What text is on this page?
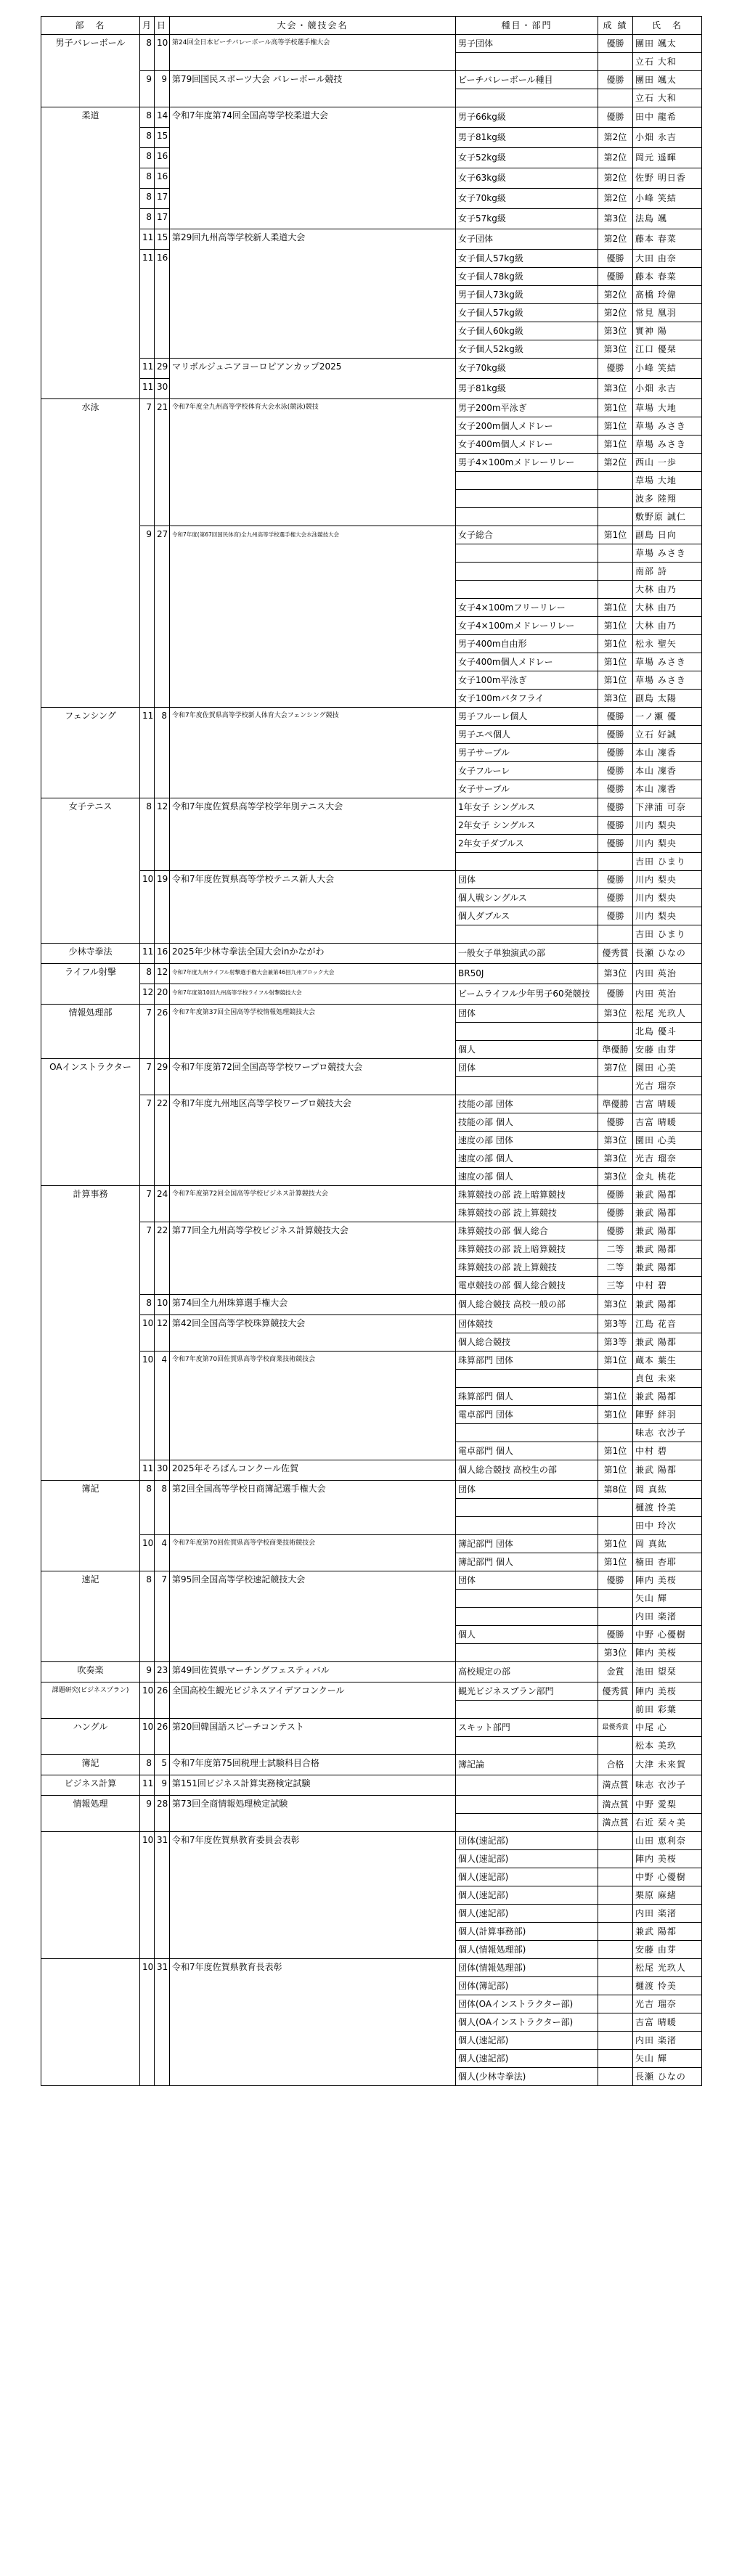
部　名	月	日	大会・競技会名	種目・部門	成 績	氏　名
男子バレーボール	8	10	第24回全日本ビーチバレーボール高等学校選手権大会	男子団体	優勝	團田 颯太
						立石 大和
	9	9	第79回国民スポーツ大会 バレーボール競技	ビーチバレーボール種目	優勝	團田 颯太
						立石 大和
柔道	8	14	令和7年度第74回全国高等学校柔道大会	男子66kg級	優勝	田中 龍希
	8	15		男子81kg級	第2位	小畑 永吉
	8	16		女子52kg級	第2位	岡元 遥暉
	8	16		女子63kg級	第2位	佐野 明日香
	8	17		女子70kg級	第2位	小峰 笑結
	8	17		女子57kg級	第3位	法島 颯
	11	15	第29回九州高等学校新人柔道大会	女子団体	第2位	藤本 春菜
	11	16		女子個人57kg級	優勝	大田 由奈
				女子個人78kg級	優勝	藤本 春菜
				男子個人73kg級	第2位	髙橋 玲偉
				女子個人57kg級	第2位	常見 凰羽
				女子個人60kg級	第3位	實神 陽
				女子個人52kg級	第3位	江口 優栞
	11	29	マリボルジュニアヨーロピアンカップ2025	女子70kg級	優勝	小峰 笑結
	11	30		男子81kg級	第3位	小畑 永吉
水泳	7	21	令和7年度全九州高等学校体育大会水泳(競泳)競技	男子200m平泳ぎ	第1位	草場 大地
				女子200m個人メドレー	第1位	草場 みさき
				女子400m個人メドレー	第1位	草場 みさき
				男子4×100mメドレーリレー	第2位	西山 一歩
						草場 大地
						波多 陸翔
						敷野原 誠仁
	9	27	令和7年度(第67回国民体育)全九州高等学校選手権大会水泳競技大会	女子総合	第1位	副島 日向
						草場 みさき
						南部 詩
						大林 由乃
				女子4×100mフリーリレー	第1位	大林 由乃
				女子4×100mメドレーリレー	第1位	大林 由乃
				男子400m自由形	第1位	松永 聖矢
				女子400m個人メドレー	第1位	草場 みさき
				女子100m平泳ぎ	第1位	草場 みさき
				女子100mバタフライ	第3位	副島 太陽
フェンシング	11	8	令和7年度佐賀県高等学校新人体育大会フェンシング競技	男子フルーレ個人	優勝	一ノ瀬 優
				男子エペ個人	優勝	立石 好誠
				男子サーブル	優勝	本山 凜香
				女子フルーレ	優勝	本山 凜香
				女子サーブル	優勝	本山 凜香
女子テニス	8	12	令和7年度佐賀県高等学校学年別テニス大会	1年女子 シングルス	優勝	下津浦 可奈
				2年女子 シングルス	優勝	川内 梨央
				2年女子ダブルス	優勝	川内 梨央
						吉田 ひまり
	10	19	令和7年度佐賀県高等学校テニス新人大会	団体	優勝	川内 梨央
				個人戦シングルス	優勝	川内 梨央
				個人ダブルス	優勝	川内 梨央
						吉田 ひまり
少林寺拳法	11	16	2025年少林寺拳法全国大会inかながわ	一般女子単独演武の部	優秀賞	長瀬 ひなの
ライフル射撃	8	12	令和7年度九州ライフル射撃選手権大会兼第46回九州ブロック大会	BR50J	第3位	内田 英治
	12	20	令和7年度第10回九州高等学校ライフル射撃競技大会	ビームライフル少年男子60発競技	優勝	内田 英治
情報処理部	7	26	令和7年度第37回全国高等学校情報処理競技大会	団体	第3位	松尾 光玖人
						北島 優斗
				個人	準優勝	安藤 由芽
OAインストラクター	7	29	令和7年度第72回全国高等学校ワープロ競技大会	団体	第7位	園田 心美
						光吉 瑠奈
	7	22	令和7年度九州地区高等学校ワープロ競技大会	技能の部 団体	準優勝	吉富 晴暖
				技能の部 個人	優勝	吉富 晴暖
				速度の部 団体	第3位	園田 心美
				速度の部 個人	第3位	光吉 瑠奈
				速度の部 個人	第3位	金丸 桃花
計算事務	7	24	令和7年度第72回全国高等学校ビジネス計算競技大会	珠算競技の部 読上暗算競技	優勝	兼武 陽都
				珠算競技の部 読上算競技	優勝	兼武 陽都
	7	22	第77回全九州高等学校ビジネス計算競技大会	珠算競技の部 個人総合	優勝	兼武 陽都
				珠算競技の部 読上暗算競技	二等	兼武 陽都
				珠算競技の部 読上算競技	二等	兼武 陽都
				電卓競技の部 個人総合競技	三等	中村 碧
	8	10	第74回全九州珠算選手権大会	個人総合競技 高校一般の部	第3位	兼武 陽都
	10	12	第42回全国高等学校珠算競技大会	団体競技	第3等	江島 花音
				個人総合競技	第3等	兼武 陽都
	10	4	令和7年度第70回佐賀県高等学校商業技術競技会	珠算部門 団体	第1位	蔵本 葉生
						貞包 未来
				珠算部門 個人	第1位	兼武 陽都
				電卓部門 団体	第1位	陣野 絆羽
						味志 衣沙子
				電卓部門 個人	第1位	中村 碧
	11	30	2025年そろばんコンクール佐賀	個人総合競技 高校生の部	第1位	兼武 陽都
簿記	8	8	第2回全国高等学校日商簿記選手権大会	団体	第8位	岡 真紘
						樋渡 怜美
						田中 玲次
	10	4	令和7年度第70回佐賀県高等学校商業技術競技会	簿記部門 団体	第1位	岡 真紘
				簿記部門 個人	第1位	楠田 杏耶
速記	8	7	第95回全国高等学校速記競技大会	団体	優勝	陣内 美桜
						矢山 輝
						内田 楽渚
				個人	優勝	中野 心優樹
					第3位	陣内 美桜
吹奏楽	9	23	第49回佐賀県マーチングフェスティバル	高校規定の部	金賞	池田 望栞
課題研究(ビジネスプラン)	10	26	全国高校生観光ビジネスアイデアコンクール	観光ビジネスプラン部門	優秀賞	陣内 美桜
						前田 彩葉
ハングル	10	26	第20回韓国語スピーチコンテスト	スキット部門	最優秀賞	中尾 心
						松本 美玖
簿記	8	5	令和7年度第75回税理士試験科目合格	簿記論	合格	大津 未来賀
ビジネス計算	11	9	第151回ビジネス計算実務検定試験		満点賞	味志 衣沙子
情報処理	9	28	第73回全商情報処理検定試験		満点賞	中野 愛梨
					満点賞	右近 栞々美
	10	31	令和7年度佐賀県教育委員会表彰	団体(速記部)		山田 恵利奈
				個人(速記部)		陣内 美桜
				個人(速記部)		中野 心優樹
				個人(速記部)		栗原 麻緒
				個人(速記部)		内田 楽渚
				個人(計算事務部)		兼武 陽都
				個人(情報処理部)		安藤 由芽
	10	31	令和7年度佐賀県教育長表彰	団体(情報処理部)		松尾 光玖人
				団体(簿記部)		樋渡 怜美
				団体(OAインストラクター部)		光吉 瑠奈
				個人(OAインストラクター部)		吉富 晴暖
				個人(速記部)		内田 楽渚
				個人(速記部)		矢山 輝
				個人(少林寺拳法)		長瀬 ひなの
